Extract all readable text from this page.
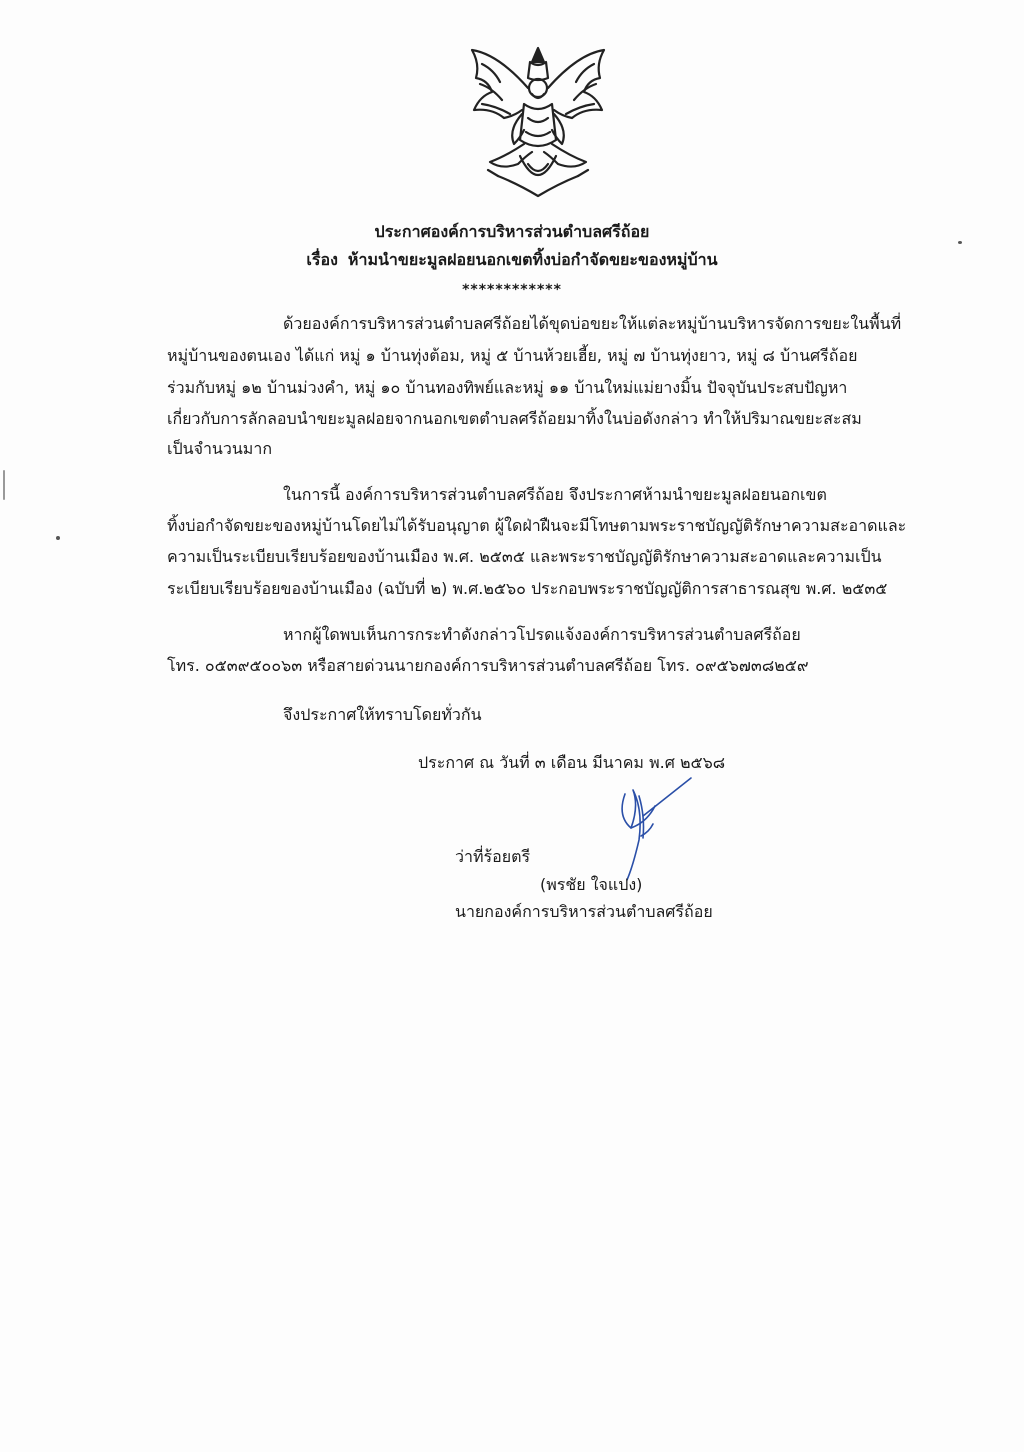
ประกาศองค์การบริหารส่วนตำบลศรีถ้อย
เรื่อง ห้ามนำขยะมูลฝอยนอกเขตทิ้งบ่อกำจัดขยะของหมู่บ้าน
************
ด้วยองค์การบริหารส่วนตำบลศรีถ้อยได้ขุดบ่อขยะให้แต่ละหมู่บ้านบริหารจัดการขยะในพื้นที่
หมู่บ้านของตนเอง ได้แก่ หมู่ ๑ บ้านทุ่งต้อม, หมู่ ๕ บ้านห้วยเฮี้ย, หมู่ ๗ บ้านทุ่งยาว, หมู่ ๘ บ้านศรีถ้อย
ร่วมกับหมู่ ๑๒ บ้านม่วงคำ, หมู่ ๑๐ บ้านทองทิพย์และหมู่ ๑๑ บ้านใหม่แม่ยางมิ้น ปัจจุบันประสบปัญหา
เกี่ยวกับการลักลอบนำขยะมูลฝอยจากนอกเขตตำบลศรีถ้อยมาทิ้งในบ่อดังกล่าว ทำให้ปริมาณขยะสะสม
เป็นจำนวนมาก
ในการนี้ องค์การบริหารส่วนตำบลศรีถ้อย จึงประกาศห้ามนำขยะมูลฝอยนอกเขต
ทิ้งบ่อกำจัดขยะของหมู่บ้านโดยไม่ได้รับอนุญาต ผู้ใดฝ่าฝืนจะมีโทษตามพระราชบัญญัติรักษาความสะอาดและ
ความเป็นระเบียบเรียบร้อยของบ้านเมือง พ.ศ. ๒๕๓๕ และพระราชบัญญัติรักษาความสะอาดและความเป็น
ระเบียบเรียบร้อยของบ้านเมือง (ฉบับที่ ๒) พ.ศ.๒๕๖๐ ประกอบพระราชบัญญัติการสาธารณสุข พ.ศ. ๒๕๓๕
หากผู้ใดพบเห็นการกระทำดังกล่าวโปรดแจ้งองค์การบริหารส่วนตำบลศรีถ้อย
โทร. ๐๕๓๙๕๐๐๖๓ หรือสายด่วนนายกองค์การบริหารส่วนตำบลศรีถ้อย โทร. ๐๙๕๖๗๓๘๒๕๙
จึงประกาศให้ทราบโดยทั่วกัน
ประกาศ ณ วันที่ ๓ เดือน มีนาคม พ.ศ ๒๕๖๘
ว่าที่ร้อยตรี
(พรชัย ใจแปง)
นายกองค์การบริหารส่วนตำบลศรีถ้อย
